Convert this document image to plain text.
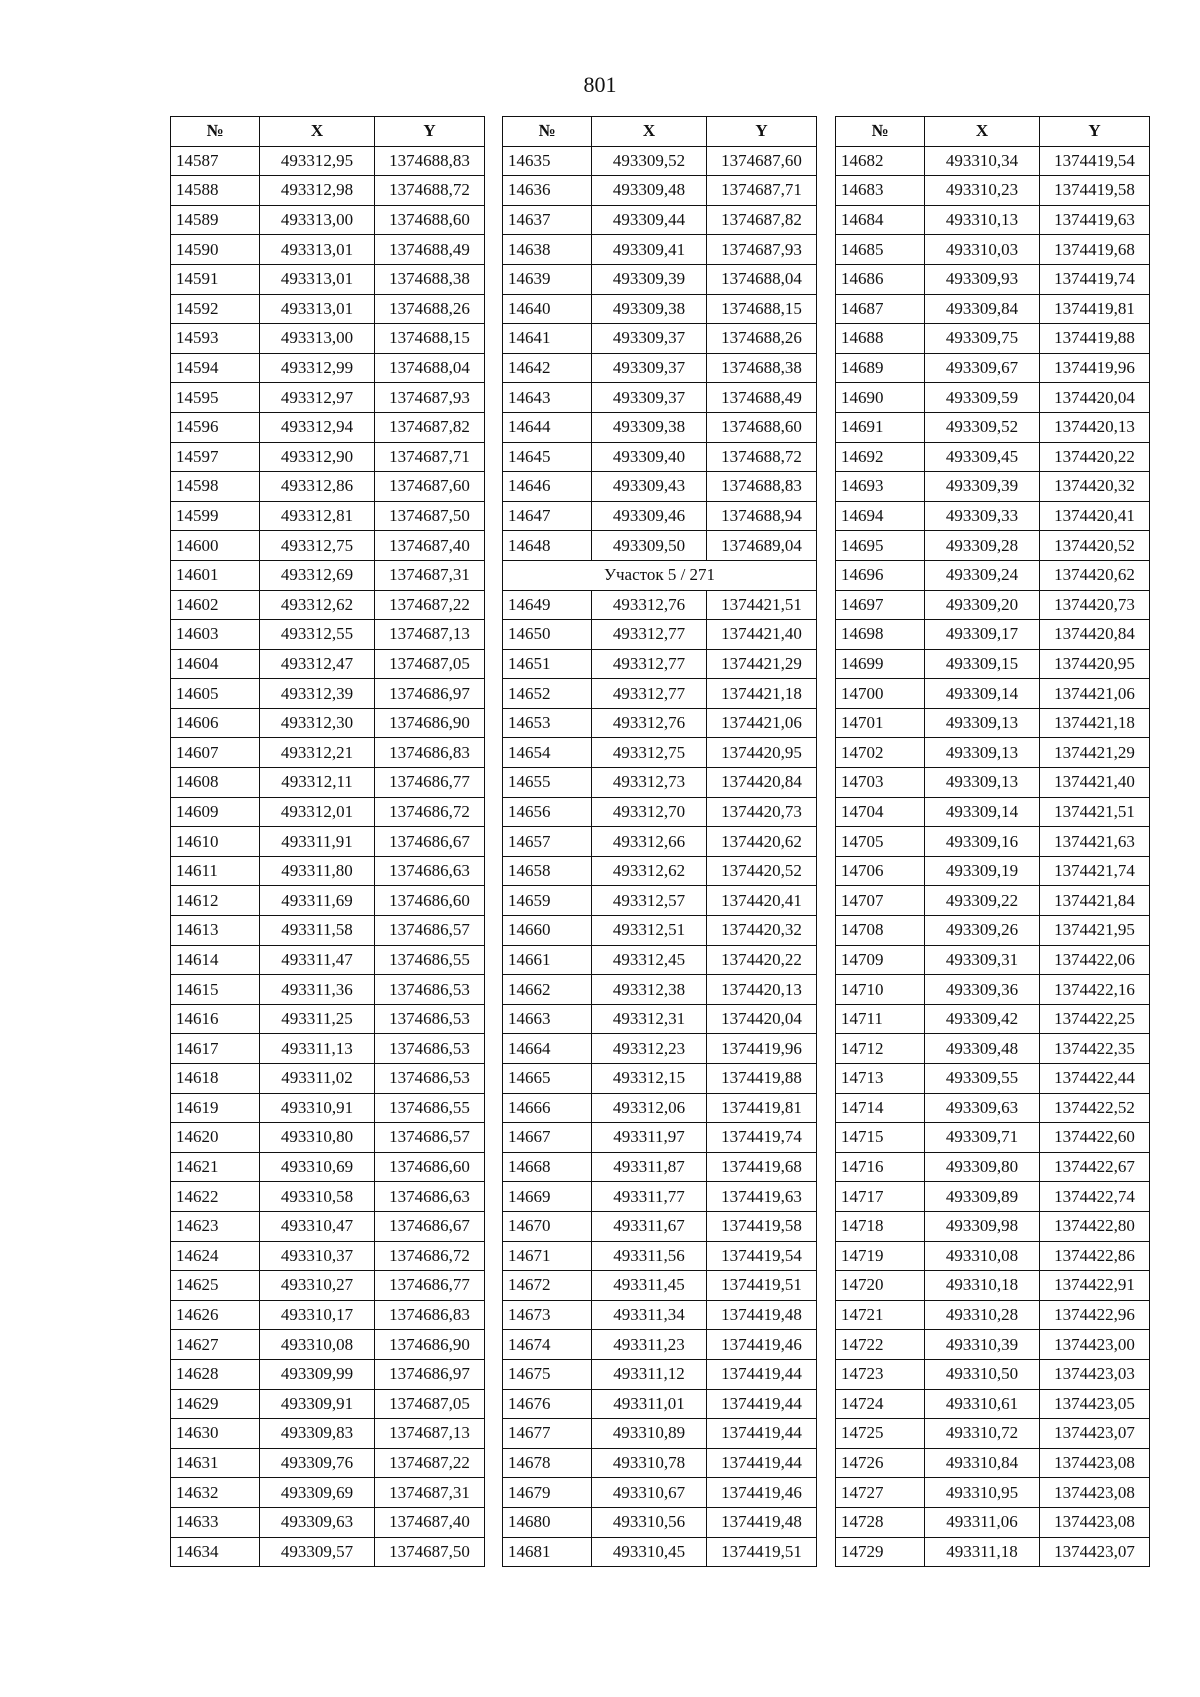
801
№	X	Y
14587	493312,95	1374688,83
14588	493312,98	1374688,72
14589	493313,00	1374688,60
14590	493313,01	1374688,49
14591	493313,01	1374688,38
14592	493313,01	1374688,26
14593	493313,00	1374688,15
14594	493312,99	1374688,04
14595	493312,97	1374687,93
14596	493312,94	1374687,82
14597	493312,90	1374687,71
14598	493312,86	1374687,60
14599	493312,81	1374687,50
14600	493312,75	1374687,40
14601	493312,69	1374687,31
14602	493312,62	1374687,22
14603	493312,55	1374687,13
14604	493312,47	1374687,05
14605	493312,39	1374686,97
14606	493312,30	1374686,90
14607	493312,21	1374686,83
14608	493312,11	1374686,77
14609	493312,01	1374686,72
14610	493311,91	1374686,67
14611	493311,80	1374686,63
14612	493311,69	1374686,60
14613	493311,58	1374686,57
14614	493311,47	1374686,55
14615	493311,36	1374686,53
14616	493311,25	1374686,53
14617	493311,13	1374686,53
14618	493311,02	1374686,53
14619	493310,91	1374686,55
14620	493310,80	1374686,57
14621	493310,69	1374686,60
14622	493310,58	1374686,63
14623	493310,47	1374686,67
14624	493310,37	1374686,72
14625	493310,27	1374686,77
14626	493310,17	1374686,83
14627	493310,08	1374686,90
14628	493309,99	1374686,97
14629	493309,91	1374687,05
14630	493309,83	1374687,13
14631	493309,76	1374687,22
14632	493309,69	1374687,31
14633	493309,63	1374687,40
14634	493309,57	1374687,50
№	X	Y
14635	493309,52	1374687,60
14636	493309,48	1374687,71
14637	493309,44	1374687,82
14638	493309,41	1374687,93
14639	493309,39	1374688,04
14640	493309,38	1374688,15
14641	493309,37	1374688,26
14642	493309,37	1374688,38
14643	493309,37	1374688,49
14644	493309,38	1374688,60
14645	493309,40	1374688,72
14646	493309,43	1374688,83
14647	493309,46	1374688,94
14648	493309,50	1374689,04
Участок 5 / 271		
14649	493312,76	1374421,51
14650	493312,77	1374421,40
14651	493312,77	1374421,29
14652	493312,77	1374421,18
14653	493312,76	1374421,06
14654	493312,75	1374420,95
14655	493312,73	1374420,84
14656	493312,70	1374420,73
14657	493312,66	1374420,62
14658	493312,62	1374420,52
14659	493312,57	1374420,41
14660	493312,51	1374420,32
14661	493312,45	1374420,22
14662	493312,38	1374420,13
14663	493312,31	1374420,04
14664	493312,23	1374419,96
14665	493312,15	1374419,88
14666	493312,06	1374419,81
14667	493311,97	1374419,74
14668	493311,87	1374419,68
14669	493311,77	1374419,63
14670	493311,67	1374419,58
14671	493311,56	1374419,54
14672	493311,45	1374419,51
14673	493311,34	1374419,48
14674	493311,23	1374419,46
14675	493311,12	1374419,44
14676	493311,01	1374419,44
14677	493310,89	1374419,44
14678	493310,78	1374419,44
14679	493310,67	1374419,46
14680	493310,56	1374419,48
14681	493310,45	1374419,51
№	X	Y
14682	493310,34	1374419,54
14683	493310,23	1374419,58
14684	493310,13	1374419,63
14685	493310,03	1374419,68
14686	493309,93	1374419,74
14687	493309,84	1374419,81
14688	493309,75	1374419,88
14689	493309,67	1374419,96
14690	493309,59	1374420,04
14691	493309,52	1374420,13
14692	493309,45	1374420,22
14693	493309,39	1374420,32
14694	493309,33	1374420,41
14695	493309,28	1374420,52
14696	493309,24	1374420,62
14697	493309,20	1374420,73
14698	493309,17	1374420,84
14699	493309,15	1374420,95
14700	493309,14	1374421,06
14701	493309,13	1374421,18
14702	493309,13	1374421,29
14703	493309,13	1374421,40
14704	493309,14	1374421,51
14705	493309,16	1374421,63
14706	493309,19	1374421,74
14707	493309,22	1374421,84
14708	493309,26	1374421,95
14709	493309,31	1374422,06
14710	493309,36	1374422,16
14711	493309,42	1374422,25
14712	493309,48	1374422,35
14713	493309,55	1374422,44
14714	493309,63	1374422,52
14715	493309,71	1374422,60
14716	493309,80	1374422,67
14717	493309,89	1374422,74
14718	493309,98	1374422,80
14719	493310,08	1374422,86
14720	493310,18	1374422,91
14721	493310,28	1374422,96
14722	493310,39	1374423,00
14723	493310,50	1374423,03
14724	493310,61	1374423,05
14725	493310,72	1374423,07
14726	493310,84	1374423,08
14727	493310,95	1374423,08
14728	493311,06	1374423,08
14729	493311,18	1374423,07
